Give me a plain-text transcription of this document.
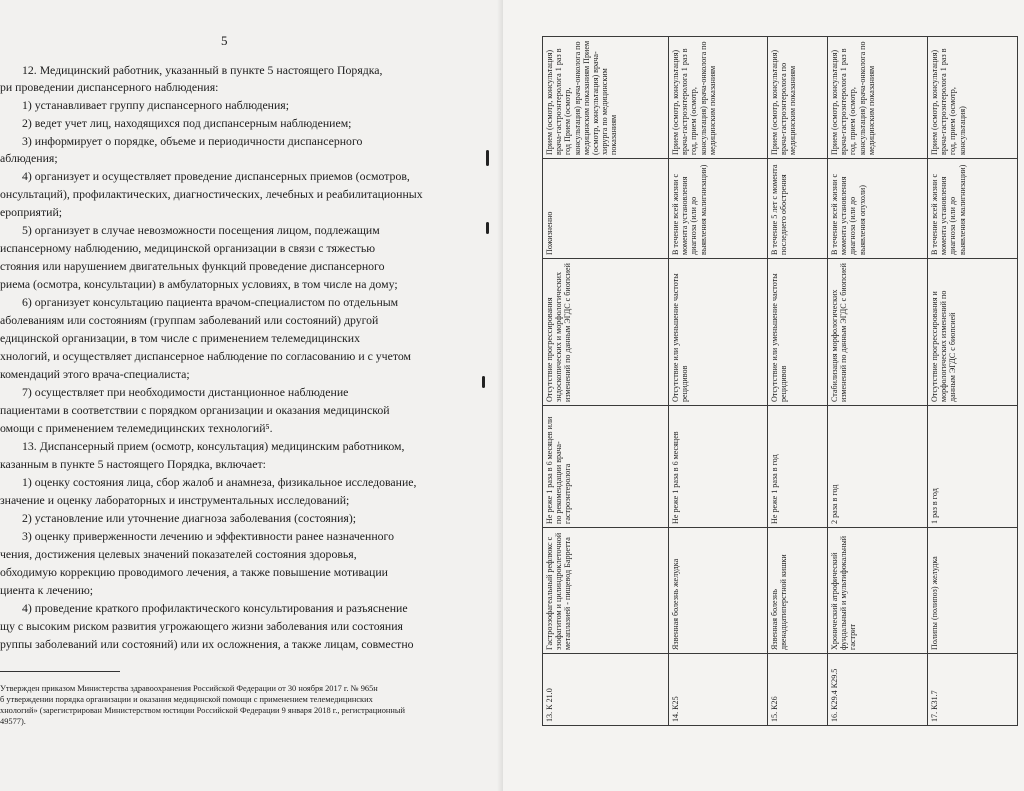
5
12. Медицинский работник, указанный в пункте 5 настоящего Порядка,
ри проведении диспансерного наблюдения:
1) устанавливает группу диспансерного наблюдения;
2) ведет учет лиц, находящихся под диспансерным наблюдением;
3) информирует о порядке, объеме и периодичности диспансерного
аблюдения;
4) организует и осуществляет проведение диспансерных приемов (осмотров,
онсультаций), профилактических, диагностических, лечебных и реабилитационных
ероприятий;
5) организует в случае невозможности посещения лицом, подлежащим
испансерному наблюдению, медицинской организации в связи с тяжестью
стояния или нарушением двигательных функций проведение диспансерного
риема (осмотра, консультации) в амбулаторных условиях, в том числе на дому;
6) организует консультацию пациента врачом-специалистом по отдельным
аболеваниям или состояниям (группам заболеваний или состояний) другой
едицинской организации, в том числе с применением телемедицинских
хнологий, и осуществляет диспансерное наблюдение по согласованию и с учетом
комендаций этого врача-специалиста;
7) осуществляет при необходимости дистанционное наблюдение
пациентами в соответствии с порядком организации и оказания медицинской
омощи с применением телемедицинских технологий⁵.
13. Диспансерный прием (осмотр, консультация) медицинским работником,
казанным в пункте 5 настоящего Порядка, включает:
1) оценку состояния лица, сбор жалоб и анамнеза, физикальное исследование,
значение и оценку лабораторных и инструментальных исследований;
2) установление или уточнение диагноза заболевания (состояния);
3) оценку приверженности лечению и эффективности ранее назначенного
чения, достижения целевых значений показателей состояния здоровья,
обходимую коррекцию проводимого лечения, а также повышение мотивации
циента к лечению;
4) проведение краткого профилактического консультирования и разъяснение
щу с высоким риском развития угрожающего жизни заболевания или состояния
руппы заболеваний или состояний) или их осложнения, а также лицам, совместно
Утвержден приказом Министерства здравоохранения Российской Федерации от 30 ноября 2017 г. № 965н
б утверждении порядка организации и оказания медицинской помощи с применением телемедицинских
хнологий» (зарегистрирован Министерством юстиции Российской Федерации 9 января 2018 г., регистрационный
49577).	13. К 21.0	Гастроэзофагеальный рефлюкс с эзофагитом и цилиндроклеточной метаплазией - пищевод Барретта	Не реже 1 раза в 6 месяцев или по рекомендации врача-гастроэнтеролога	Отсутствие прогрессирования эндоскопических и морфологических изменений по данным ЭГДС с биопсией	Пожизненно	Прием (осмотр, консультация) врача-гастроэнтеролога 1 раз в год Прием (осмотр, консультация) врача-онколога по медицинским показаниям Прием (осмотр, консультация) врача-хирурга по медицинским показаниям
14. К25	Язвенная болезнь желудка	Не реже 1 раза в 6 месяцев	Отсутствие или уменьшение частоты рецидивов	В течение всей жизни с момента установления диагноза (или до выявления малигнизации)	Прием (осмотр, консультация) врача-гастроэнтеролога 1 раз в год, прием (осмотр, консультация) врача-онколога по медицинским показаниям
15. К26	Язвенная болезнь двенадцатиперстной кишки	Не реже 1 раза в год	Отсутствие или уменьшение частоты рецидивов	В течение 5 лет с момента последнего обострения	Прием (осмотр, консультация) врача-гастроэнтеролога по медицинским показаниям
16. К29.4 К29.5	Хронический атрофический фундальный и мультифокальный гастрит	2 раза в год	Стабилизация морфологических изменений по данным ЭГДС с биопсией	В течение всей жизни с момента установления диагноза (или до выявления опухоли)	Прием (осмотр, консультация) врача-гастроэнтеролога 1 раз в год, прием (осмотр, консультация) врача-онколога по медицинским показаниям
17. К31.7	Полипы (полипоз) желудка	1 раз в год	Отсутствие прогрессирования и морфологических изменений по данным ЭГДС с биопсией	В течение всей жизни с момента установления диагноза (или до выявления малигнизации)	Прием (осмотр, консультация) врача-гастроэнтеролога 1 раз в год, прием (осмотр, консультация)
